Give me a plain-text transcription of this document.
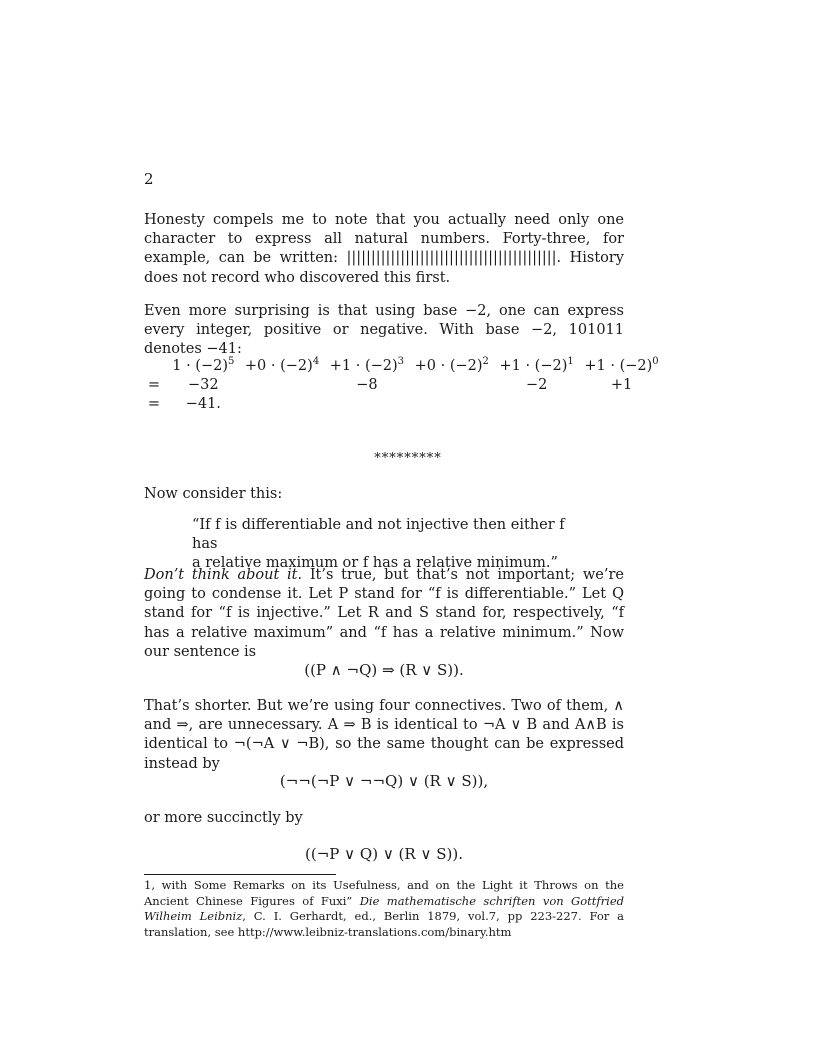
2

Honesty compels me to note that you actually need only one character to express all natural numbers. Forty-three, for example, can be written: |||||||||||||||||||||||||||||||||||||||||||. History does not record who discovered this first.

Even more surprising is that using base −2, one can express every integer, positive or negative. With base −2, 101011 denotes −41:

	$1 \cdot (-2)^5$	$+0 \cdot (-2)^4$	$+1 \cdot (-2)^3$	$+0 \cdot (-2)^2$	$+1 \cdot (-2)^1$	$+1 \cdot (-2)^0$
=	−32		−8		−2	+1
=	−41.					
*********

Now consider this:

“If f is differentiable and not injective then either f has
a relative maximum or f has a relative minimum.”

Don’t think about it. It’s true, but that’s not important; we’re going to condense it. Let P stand for “f is differentiable.” Let Q stand for “f is injective.” Let R and S stand for, respectively, “f has a relative maximum” and “f has a relative minimum.” Now our sentence is

((P ∧ ¬Q) ⇒ (R ∨ S)).

That’s shorter. But we’re using four connectives. Two of them, ∧ and ⇒, are unnecessary. A ⇒ B is identical to ¬A ∨ B and A∧B is identical to ¬(¬A ∨ ¬B), so the same thought can be expressed instead by

(¬¬(¬P ∨ ¬¬Q) ∨ (R ∨ S)),

or more succinctly by

((¬P ∨ Q) ∨ (R ∨ S)).

1, with Some Remarks on its Usefulness, and on the Light it Throws on the Ancient Chinese Figures of Fuxi” Die mathematische schriften von Gottfried Wilheim Leibniz, C. I. Gerhardt, ed., Berlin 1879, vol.7, pp 223-227. For a translation, see http://www.leibniz-translations.com/binary.htm
